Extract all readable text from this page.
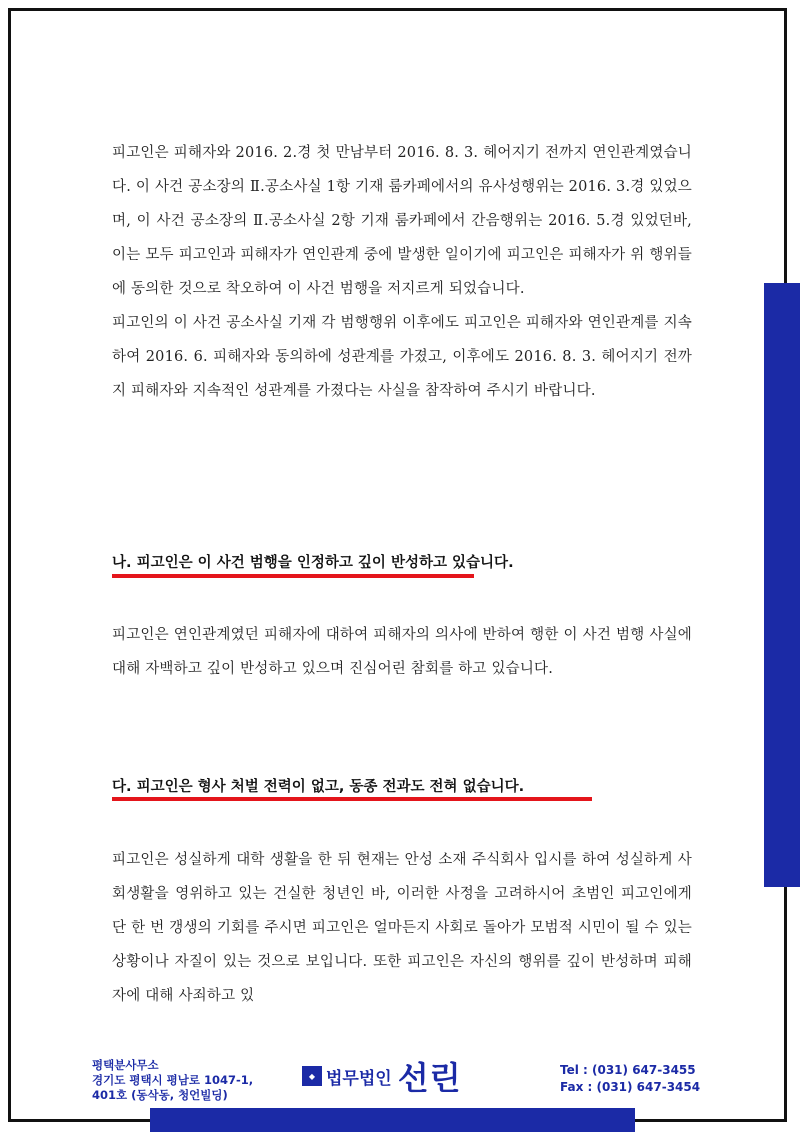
피고인은 피해자와 2016. 2.경 첫 만남부터 2016. 8. 3. 헤어지기 전까지 연인관계였습니다. 이 사건 공소장의 Ⅱ.공소사실 1항 기재 룸카페에서의 유사성행위는 2016. 3.경 있었으며, 이 사건 공소장의 Ⅱ.공소사실 2항 기재 룸카페에서 간음행위는 2016. 5.경 있었던바, 이는 모두 피고인과 피해자가 연인관계 중에 발생한 일이기에 피고인은 피해자가 위 행위들에 동의한 것으로 착오하여 이 사건 범행을 저지르게 되었습니다.

피고인의 이 사건 공소사실 기재 각 범행행위 이후에도 피고인은 피해자와 연인관계를 지속하여 2016. 6. 피해자와 동의하에 성관계를 가졌고, 이후에도 2016. 8. 3. 헤어지기 전까지 피해자와 지속적인 성관계를 가졌다는 사실을 참작하여 주시기 바랍니다.

나. 피고인은 이 사건 범행을 인정하고 깊이 반성하고 있습니다.

피고인은 연인관계였던 피해자에 대하여 피해자의 의사에 반하여 행한 이 사건 범행 사실에 대해 자백하고 깊이 반성하고 있으며 진심어린 참회를 하고 있습니다.

다. 피고인은 형사 처벌 전력이 없고, 동종 전과도 전혀 없습니다.

피고인은 성실하게 대학 생활을 한 뒤 현재는 안성 소재 주식회사 입시를 하여 성실하게 사회생활을 영위하고 있는 건실한 청년인 바, 이러한 사정을 고려하시어 초범인 피고인에게 단 한 번 갱생의 기회를 주시면 피고인은 얼마든지 사회로 돌아가 모범적 시민이 될 수 있는 상황이나 자질이 있는 것으로 보입니다. 또한 피고인은 자신의 행위를 깊이 반성하며 피해자에 대해 사죄하고 있

평택분사무소
경기도 평택시 평남로 1047-1,
401호 (동삭동, 청언빌딩)
◆ 법무법인 선린	Tel : (031) 647-3455
Fax : (031) 647-3454
